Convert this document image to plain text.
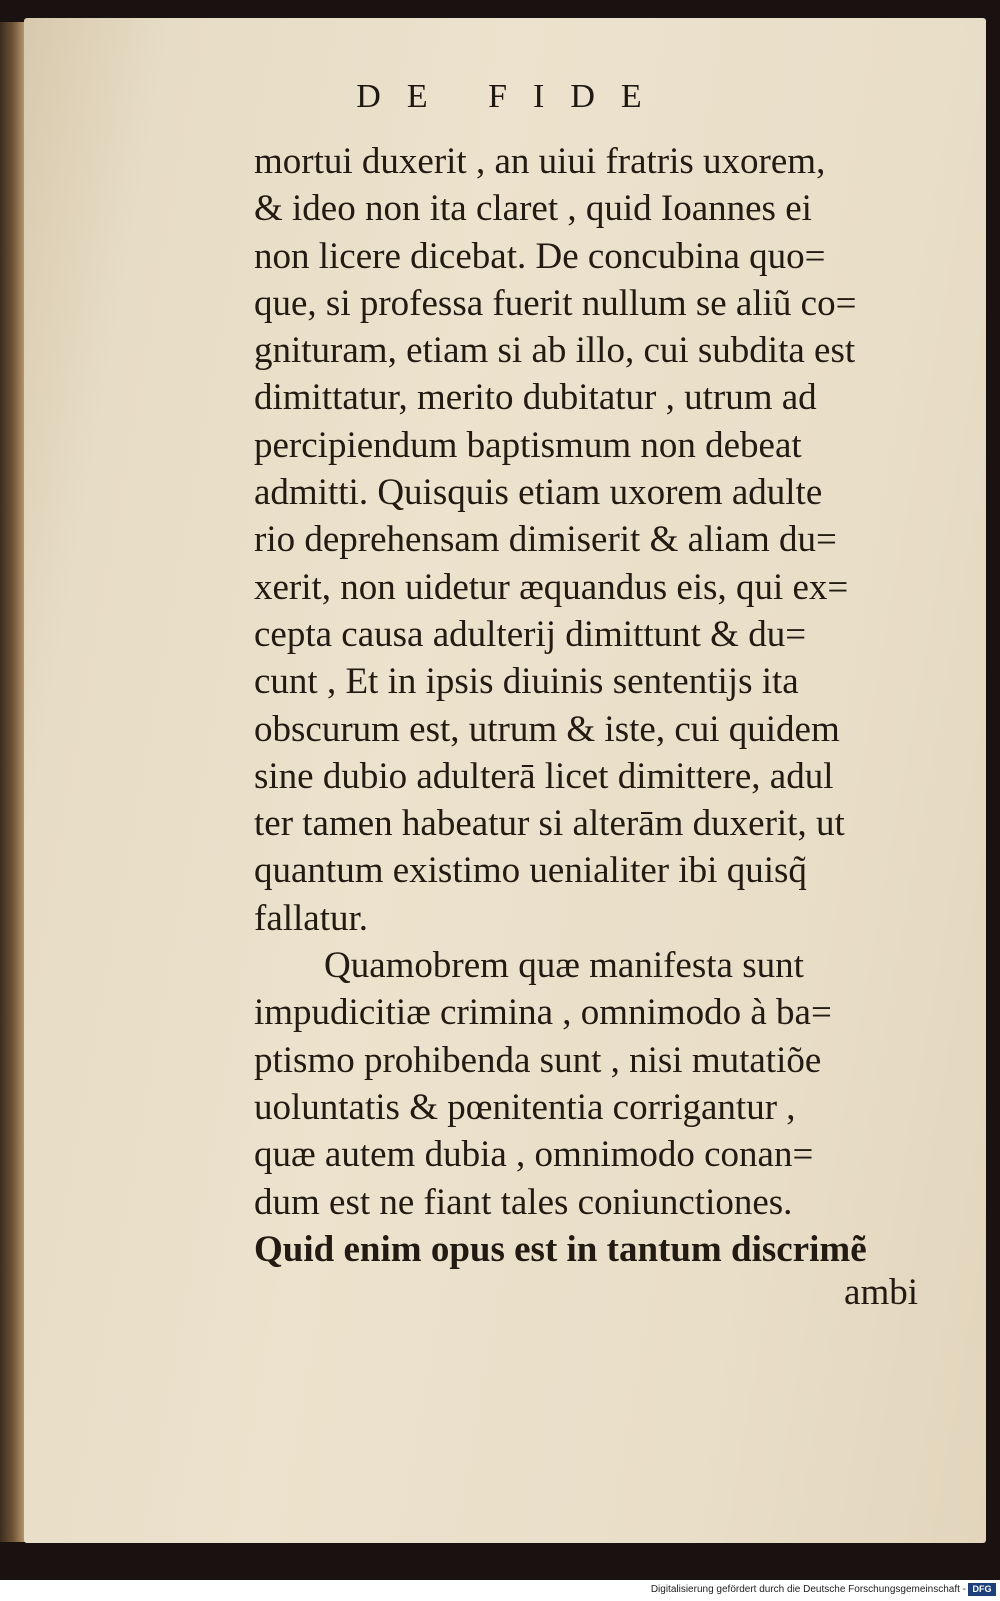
DE FIDE
mortui duxerit , an uiui fratris uxorem,
& ideo non ita claret , quid Ioannes ei
non licere dicebat. De concubina quo=
que, si professa fuerit nullum se aliũ co=
gnituram, etiam si ab illo, cui subdita est
dimittatur, merito dubitatur , utrum ad
percipiendum baptismum non debeat
admitti. Quisquis etiam uxorem adulte
rio deprehensam dimiserit & aliam du=
xerit, non uidetur æquandus eis, qui ex=
cepta causa adulterij dimittunt & du=
cunt , Et in ipsis diuinis sententijs ita
obscurum est, utrum & iste, cui quidem
sine dubio adulterā licet dimittere, adul
ter tamen habeatur si alterām duxerit, ut
quantum existimo uenialiter ibi quisq̃
fallatur.
Quamobrem quæ manifesta sunt
impudicitiæ crimina , omnimodo à ba=
ptismo prohibenda sunt , nisi mutatiõe
uoluntatis & pœnitentia corrigantur ,
quæ autem dubia , omnimodo conan=
dum est ne fiant tales coniunctiones.
Quid enim opus est in tantum discrimẽ
ambi
Digitalisierung gefördert durch die Deutsche Forschungsgemeinschaft - DFG
